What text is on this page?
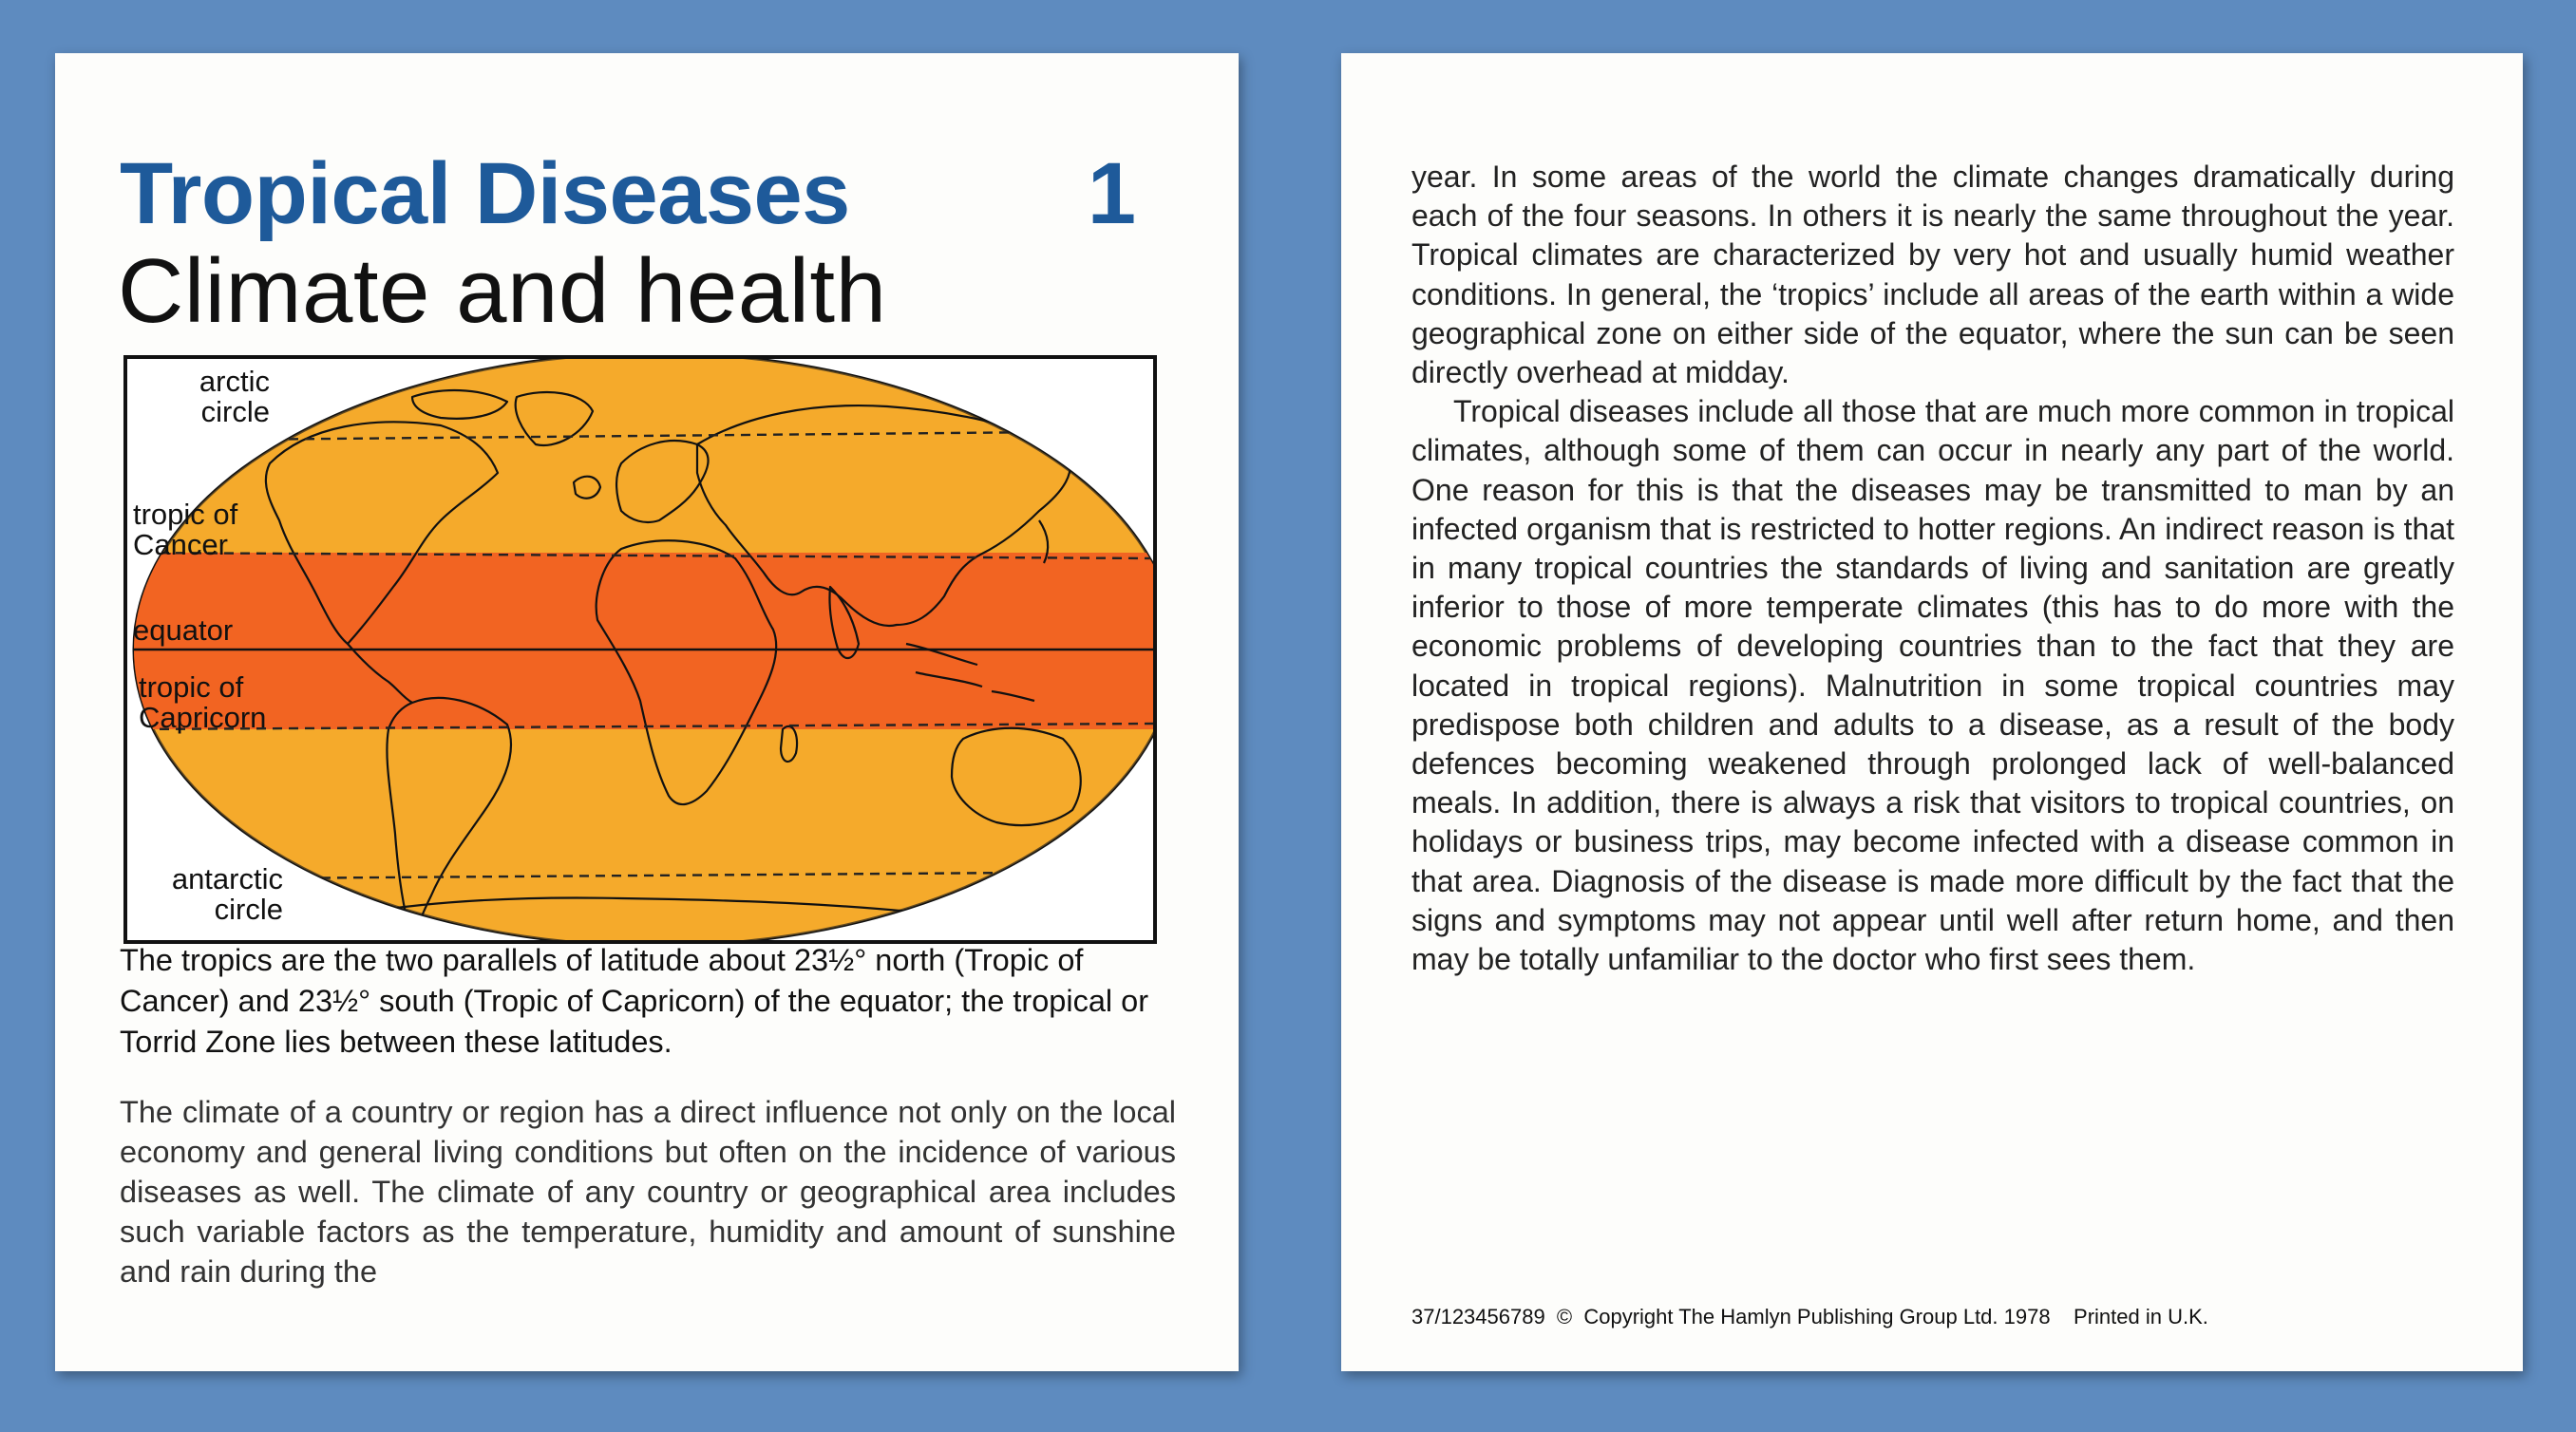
Tropical Diseases	1
Climate and health
arctic
circle
tropic of
Cancer
equator
tropic of
Capricorn
antarctic
circle
The tropics are the two parallels of latitude about 23½° north (Tropic of Cancer) and 23½° south (Tropic of Capricorn) of the equator; the tropical or Torrid Zone lies between these latitudes.
The climate of a country or region has a direct influence not only on the local economy and general living conditions but often on the incidence of various diseases as well. The climate of any country or geographical area includes such variable factors as the temperature, humidity and amount of sunshine and rain during the

year. In some areas of the world the climate changes dramatically during each of the four seasons. In others it is nearly the same throughout the year. Tropical climates are characterized by very hot and usually humid weather conditions. In general, the ‘tropics’ include all areas of the earth within a wide geographical zone on either side of the equator, where the sun can be seen directly overhead at midday.

Tropical diseases include all those that are much more common in tropical climates, although some of them can occur in nearly any part of the world. One reason for this is that the diseases may be transmitted to man by an infected organism that is restricted to hotter regions. An indirect reason is that in many tropical countries the standards of living and sanitation are greatly inferior to those of more temperate climates (this has to do more with the economic problems of developing countries than to the fact that they are located in tropical regions). Malnutrition in some tropical countries may predispose both children and adults to a disease, as a result of the body defences becoming weakened through prolonged lack of well-balanced meals. In addition, there is always a risk that visitors to tropical countries, on holidays or business trips, may become infected with a disease common in that area. Diagnosis of the disease is made more difficult by the fact that the signs and symptoms may not appear until well after return home, and then may be totally unfamiliar to the doctor who first sees them.

37/123456789  ©  Copyright The Hamlyn Publishing Group Ltd. 1978    Printed in U.K.
